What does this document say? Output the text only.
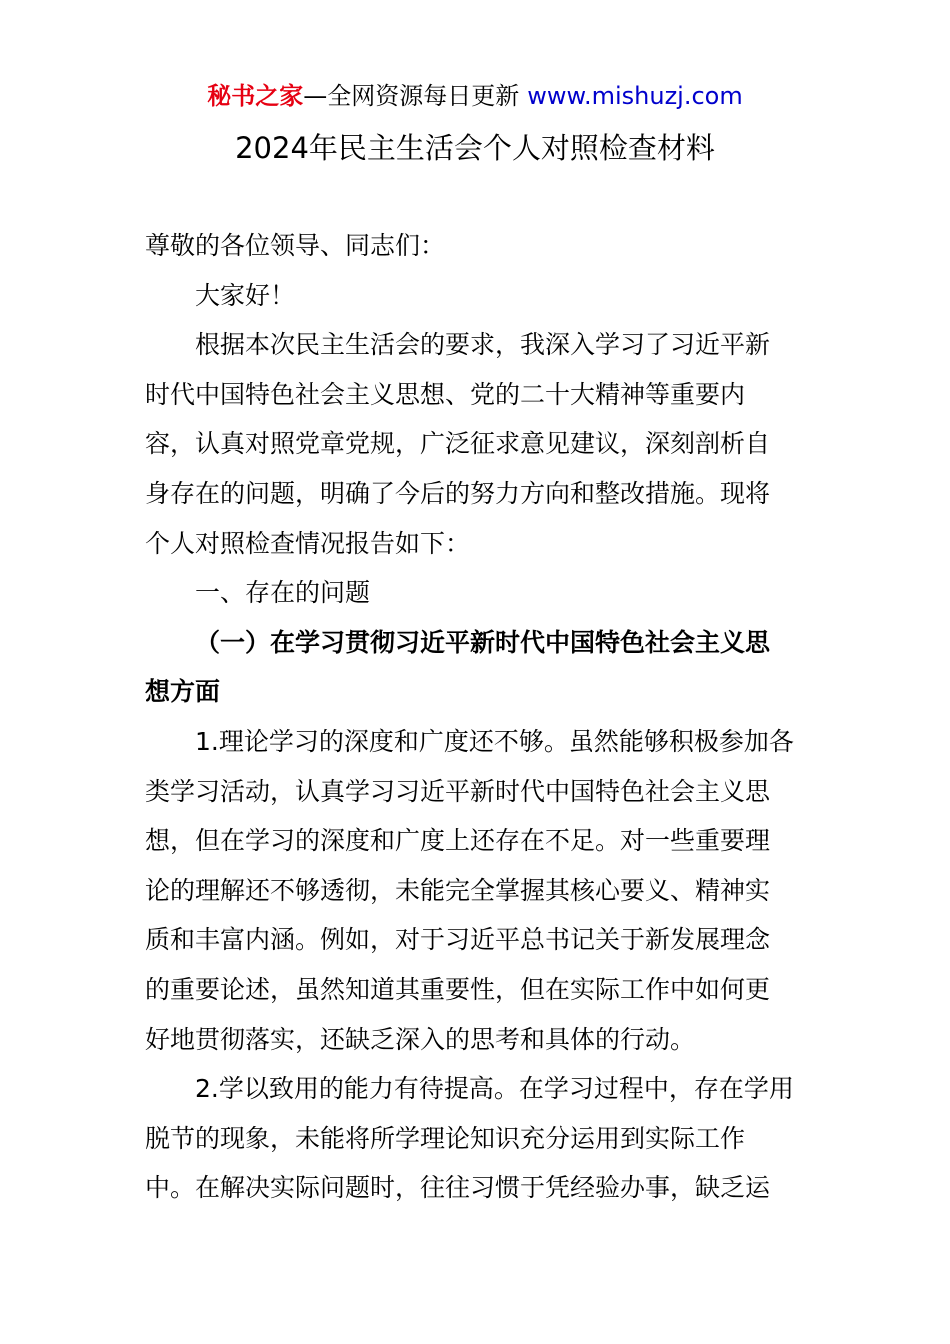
秘书之家—全网资源每日更新 www.mishuzj.com
2024年民主生活会个人对照检查材料
尊敬的各位领导、同志们：
大家好！
根据本次民主生活会的要求，我深入学习了习近平新
时代中国特色社会主义思想、党的二十大精神等重要内
容，认真对照党章党规，广泛征求意见建议，深刻剖析自
身存在的问题，明确了今后的努力方向和整改措施。现将
个人对照检查情况报告如下：
一、存在的问题
（一）在学习贯彻习近平新时代中国特色社会主义思
想方面
1.理论学习的深度和广度还不够。虽然能够积极参加各
类学习活动，认真学习习近平新时代中国特色社会主义思
想，但在学习的深度和广度上还存在不足。对一些重要理
论的理解还不够透彻，未能完全掌握其核心要义、精神实
质和丰富内涵。例如，对于习近平总书记关于新发展理念
的重要论述，虽然知道其重要性，但在实际工作中如何更
好地贯彻落实，还缺乏深入的思考和具体的行动。
2.学以致用的能力有待提高。在学习过程中，存在学用
脱节的现象，未能将所学理论知识充分运用到实际工作
中。在解决实际问题时，往往习惯于凭经验办事，缺乏运
